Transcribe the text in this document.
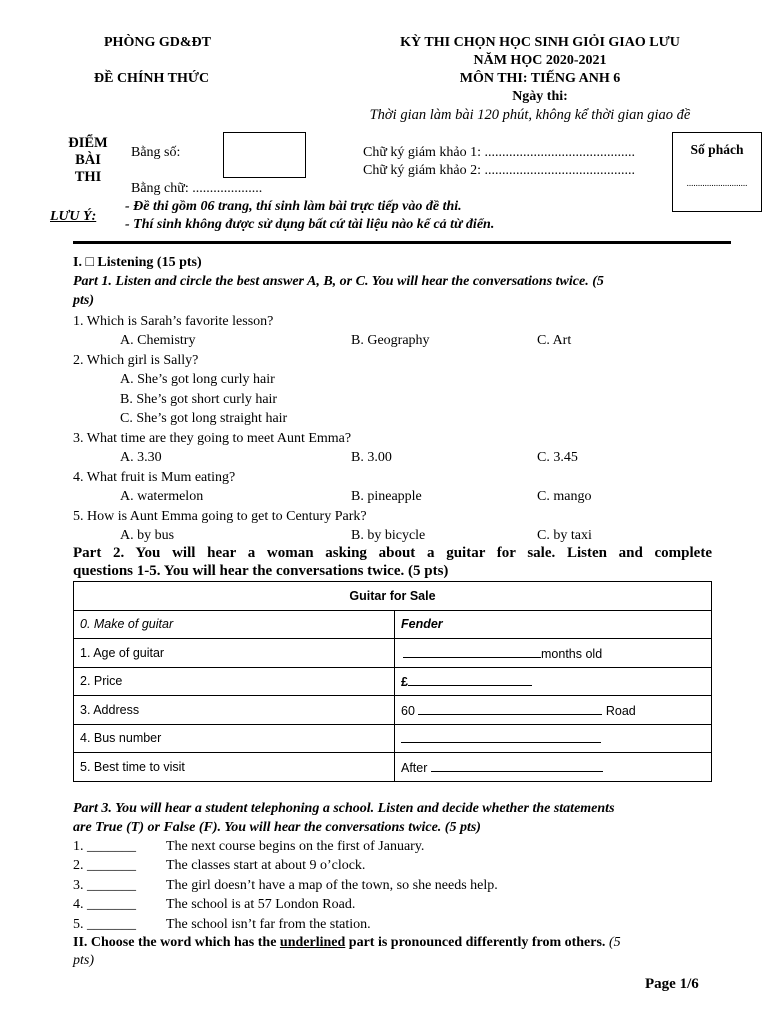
PHÒNG GD&ĐT
ĐỀ CHÍNH THỨC
KỲ THI CHỌN HỌC SINH GIỎI GIAO LƯU
NĂM HỌC 2020-2021
MÔN THI: TIẾNG ANH 6
Ngày thi:
Thời gian làm bài 120 phút, không kể thời gian giao đề
ĐIỂM
BÀI
THI
Bằng số:
Bằng chữ: ....................
Chữ ký giám khảo 1: ...........................................
Chữ ký giám khảo 2: ...........................................
Số phách
...........................
LƯU Ý:
- Đề thi gồm 06 trang, thí sinh làm bài trực tiếp vào đề thi.
- Thí sinh không được sử dụng bất cứ tài liệu nào kể cả từ điển.
I. □ Listening (15 pts)
Part 1. Listen and circle the best answer A, B, or C. You will hear the conversations twice. (5
pts)
1. Which is Sarah’s favorite lesson?
A. Chemistry	B. Geography	C. Art
2. Which girl is Sally?
A. She’s got long curly hair
B. She’s got short curly hair
C. She’s got long straight hair
3. What time are they going to meet Aunt Emma?
A. 3.30	B. 3.00	C. 3.45
4. What fruit is Mum eating?
A. watermelon	B. pineapple	C. mango
5. How is Aunt Emma going to get to Century Park?
A. by bus	B. by bicycle	C. by taxi
Part 2. You will hear a woman asking about a guitar for sale. Listen and complete
questions 1-5. You will hear the conversations twice. (5 pts)
Guitar for Sale	
0. Make of guitar	Fender
1. Age of guitar	months old
2. Price	£
3. Address	60 Road
4. Bus number	
5. Best time to visit	After
Part 3. You will hear a student telephoning a school. Listen and decide whether the statements
are True (T) or False (F). You will hear the conversations twice. (5 pts)
1. _______ The next course begins on the first of January.
2. _______ The classes start at about 9 o’clock.
3. _______ The girl doesn’t have a map of the town, so she needs help.
4. _______ The school is at 57 London Road.
5. _______ The school isn’t far from the station.
II. Choose the word which has the underlined part is pronounced differently from others. (5
pts)
Page 1/6
